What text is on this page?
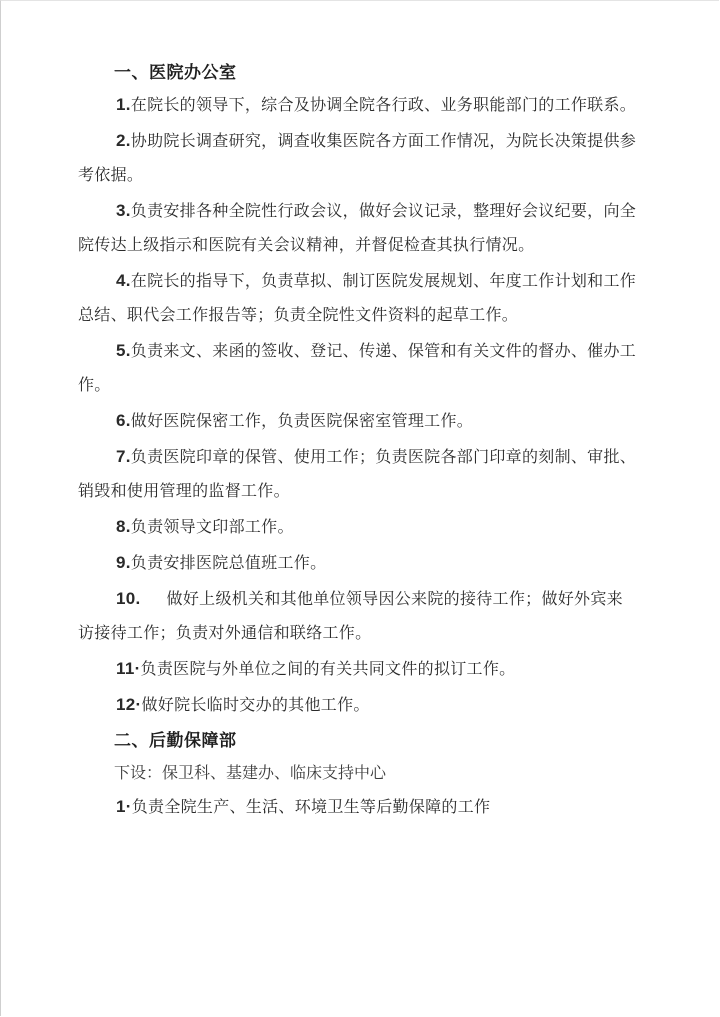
一、医院办公室

1.在院长的领导下，综合及协调全院各行政、业务职能部门的工作联系。

2.协助院长调查研究，调查收集医院各方面工作情况，为院长决策提供参考依据。

3.负责安排各种全院性行政会议，做好会议记录，整理好会议纪要，向全院传达上级指示和医院有关会议精神，并督促检查其执行情况。

4.在院长的指导下，负责草拟、制订医院发展规划、年度工作计划和工作总结、职代会工作报告等；负责全院性文件资料的起草工作。

5.负责来文、来函的签收、登记、传递、保管和有关文件的督办、催办工作。

6.做好医院保密工作，负责医院保密室管理工作。

7.负责医院印章的保管、使用工作；负责医院各部门印章的刻制、审批、销毁和使用管理的监督工作。

8.负责领导文印部工作。

9.负责安排医院总值班工作。

10. 做好上级机关和其他单位领导因公来院的接待工作；做好外宾来访接待工作；负责对外通信和联络工作。

11·负责医院与外单位之间的有关共同文件的拟订工作。

12·做好院长临时交办的其他工作。

二、后勤保障部

下设：保卫科、基建办、临床支持中心

1·负责全院生产、生活、环境卫生等后勤保障的工作
